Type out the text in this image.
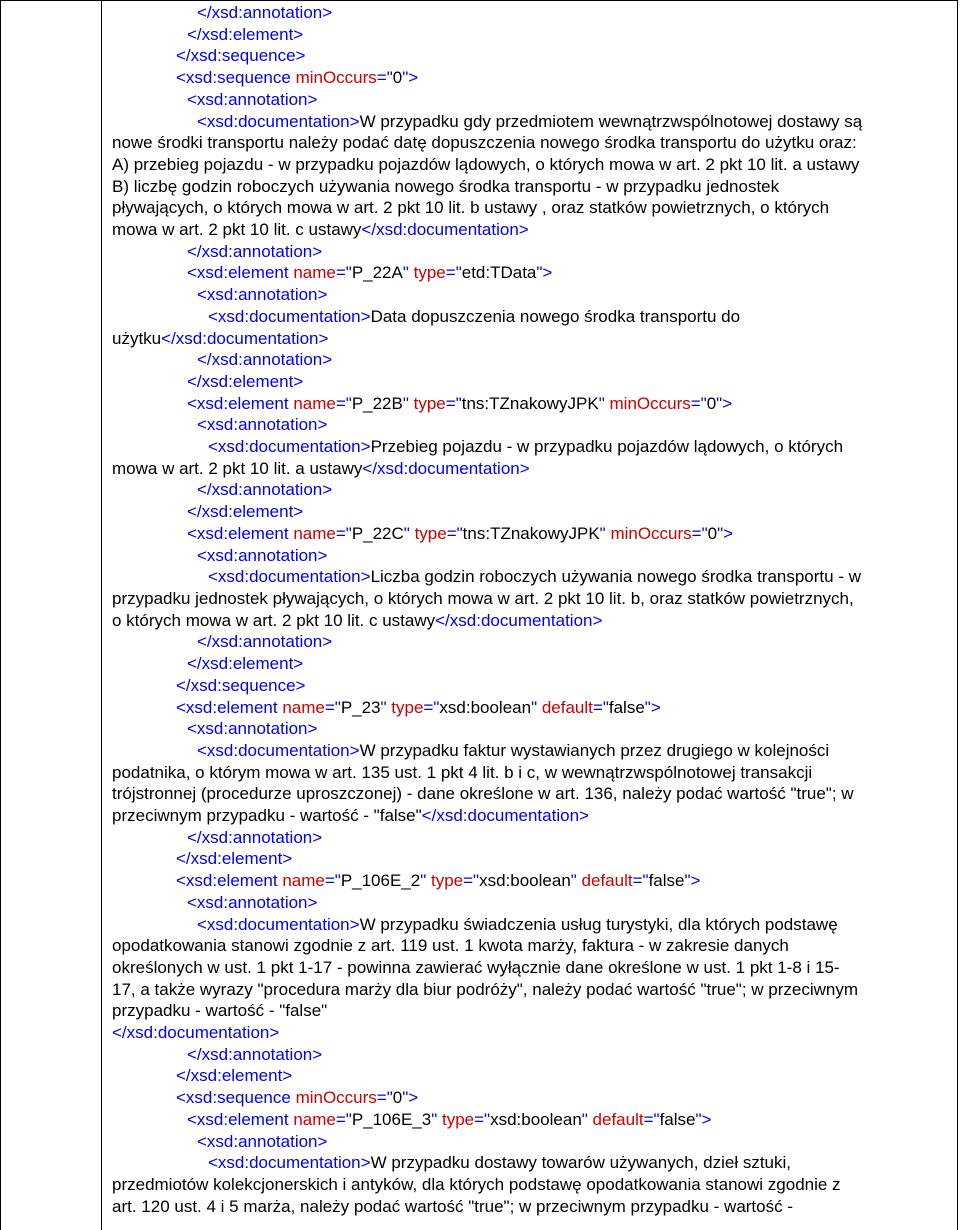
</xsd:annotation>
</xsd:element>
</xsd:sequence>
<xsd:sequence minOccurs="0">
<xsd:annotation>
<xsd:documentation>W przypadku gdy przedmiotem wewnątrzwspólnotowej dostawy są
nowe środki transportu należy podać datę dopuszczenia nowego środka transportu do użytku oraz:
A) przebieg pojazdu - w przypadku pojazdów lądowych, o których mowa w art. 2 pkt 10 lit. a ustawy
B) liczbę godzin roboczych używania nowego środka transportu - w przypadku jednostek
pływających, o których mowa w art. 2 pkt 10 lit. b ustawy , oraz statków powietrznych, o których
mowa w art. 2 pkt 10 lit. c ustawy</xsd:documentation>
</xsd:annotation>
<xsd:element name="P_22A" type="etd:TData">
<xsd:annotation>
<xsd:documentation>Data dopuszczenia nowego środka transportu do
użytku</xsd:documentation>
</xsd:annotation>
</xsd:element>
<xsd:element name="P_22B" type="tns:TZnakowyJPK" minOccurs="0">
<xsd:annotation>
<xsd:documentation>Przebieg pojazdu - w przypadku pojazdów lądowych, o których
mowa w art. 2 pkt 10 lit. a ustawy</xsd:documentation>
</xsd:annotation>
</xsd:element>
<xsd:element name="P_22C" type="tns:TZnakowyJPK" minOccurs="0">
<xsd:annotation>
<xsd:documentation>Liczba godzin roboczych używania nowego środka transportu - w
przypadku jednostek pływających, o których mowa w art. 2 pkt 10 lit. b, oraz statków powietrznych,
o których mowa w art. 2 pkt 10 lit. c ustawy</xsd:documentation>
</xsd:annotation>
</xsd:element>
</xsd:sequence>
<xsd:element name="P_23" type="xsd:boolean" default="false">
<xsd:annotation>
<xsd:documentation>W przypadku faktur wystawianych przez drugiego w kolejności
podatnika, o którym mowa w art. 135 ust. 1 pkt 4 lit. b i c, w wewnątrzwspólnotowej transakcji
trójstronnej (procedurze uproszczonej) - dane określone w art. 136, należy podać wartość "true"; w
przeciwnym przypadku - wartość - "false"</xsd:documentation>
</xsd:annotation>
</xsd:element>
<xsd:element name="P_106E_2" type="xsd:boolean" default="false">
<xsd:annotation>
<xsd:documentation>W przypadku świadczenia usług turystyki, dla których podstawę
opodatkowania stanowi zgodnie z art. 119 ust. 1 kwota marży, faktura - w zakresie danych
określonych w ust. 1 pkt 1-17 - powinna zawierać wyłącznie dane określone w ust. 1 pkt 1-8 i 15-
17, a także wyrazy "procedura marży dla biur podróży", należy podać wartość "true"; w przeciwnym
przypadku - wartość - "false"
</xsd:documentation>
</xsd:annotation>
</xsd:element>
<xsd:sequence minOccurs="0">
<xsd:element name="P_106E_3" type="xsd:boolean" default="false">
<xsd:annotation>
<xsd:documentation>W przypadku dostawy towarów używanych, dzieł sztuki,
przedmiotów kolekcjonerskich i antyków, dla których podstawę opodatkowania stanowi zgodnie z
art. 120 ust. 4 i 5 marża, należy podać wartość "true"; w przeciwnym przypadku - wartość -
